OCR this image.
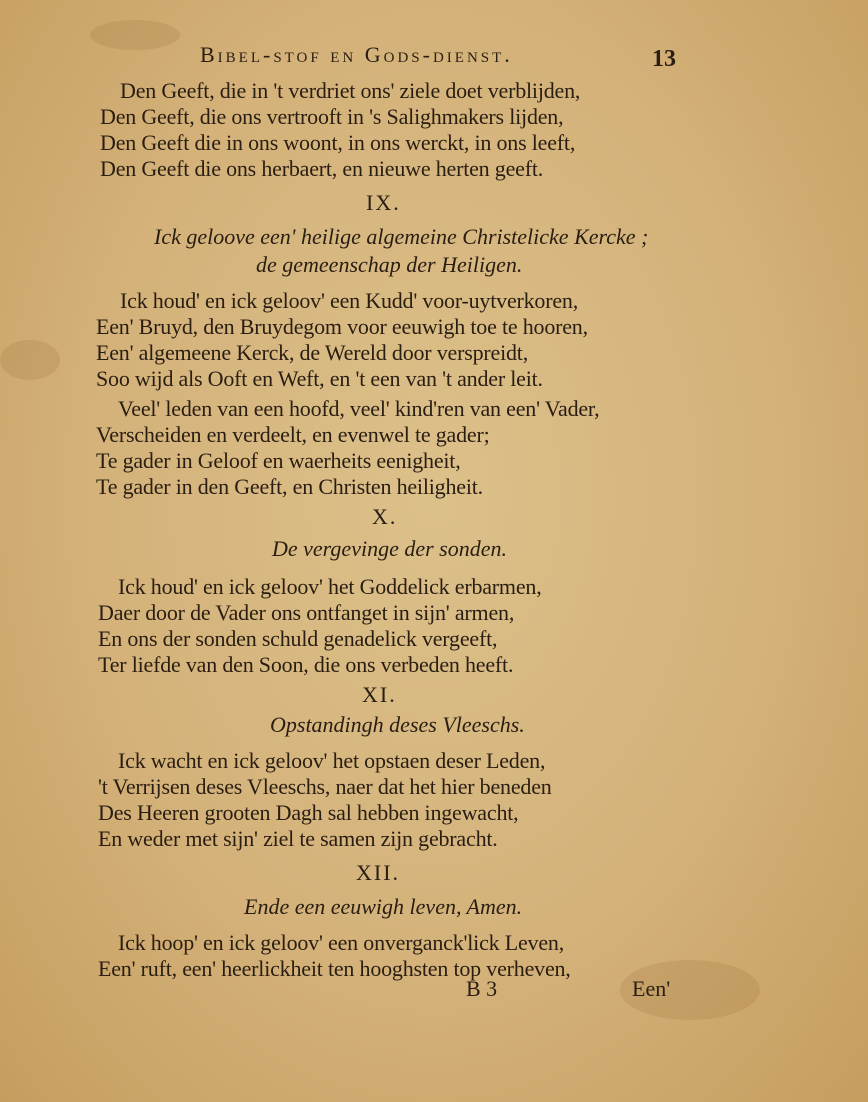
Bibel-stof en Gods-dienst.	13
Den Geeft, die in 't verdriet ons' ziele doet verblijden,
Den Geeft, die ons vertrooft in 's Salighmakers lijden,
Den Geeft die in ons woont, in ons werckt, in ons leeft,
Den Geeft die ons herbaert, en nieuwe herten geeft.
IX.
Ick geloove een' heilige algemeine Christelicke Kercke ;
de gemeenschap der Heiligen.
Ick houd' en ick geloov' een Kudd' voor-uytverkoren,
Een' Bruyd, den Bruydegom voor eeuwigh toe te hooren,
Een' algemeene Kerck, de Wereld door verspreidt,
Soo wijd als Ooft en Weft, en 't een van 't ander leit.
Veel' leden van een hoofd, veel' kind'ren van een' Vader,
Verscheiden en verdeelt, en evenwel te gader;
Te gader in Geloof en waerheits eenigheit,
Te gader in den Geeft, en Christen heiligheit.
X.
De vergevinge der sonden.
Ick houd' en ick geloov' het Goddelick erbarmen,
Daer door de Vader ons ontfanget in sijn' armen,
En ons der sonden schuld genadelick vergeeft,
Ter liefde van den Soon, die ons verbeden heeft.
XI.
Opstandingh deses Vleeschs.
Ick wacht en ick geloov' het opstaen deser Leden,
't Verrijsen deses Vleeschs, naer dat het hier beneden
Des Heeren grooten Dagh sal hebben ingewacht,
En weder met sijn' ziel te samen zijn gebracht.
XII.
Ende een eeuwigh leven, Amen.
Ick hoop' en ick geloov' een onverganck'lick Leven,
Een' ruft, een' heerlickheit ten hooghsten top verheven,
B 3	Een'
